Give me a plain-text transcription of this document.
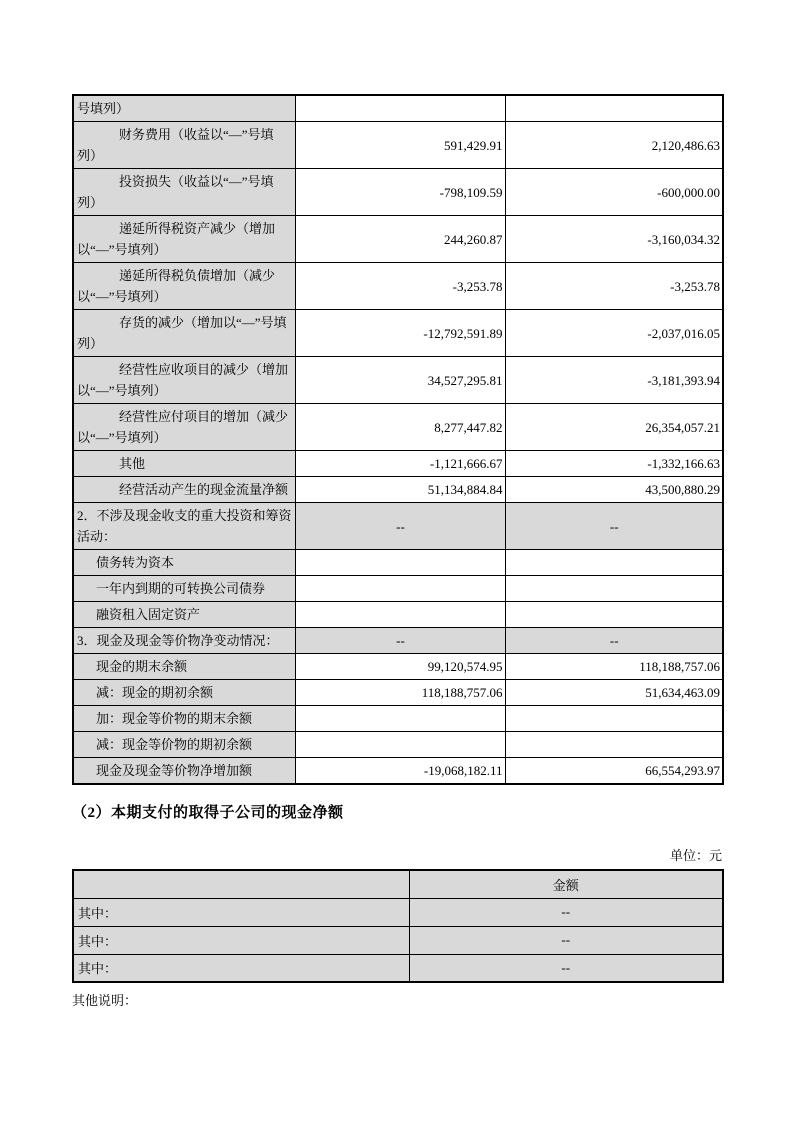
号填列）		
财务费用（收益以“—”号填列）	591,429.91	2,120,486.63
投资损失（收益以“—”号填列）	-798,109.59	-600,000.00
递延所得税资产减少（增加以“—”号填列）	244,260.87	-3,160,034.32
递延所得税负债增加（减少以“—”号填列）	-3,253.78	-3,253.78
存货的减少（增加以“—”号填列）	-12,792,591.89	-2,037,016.05
经营性应收项目的减少（增加以“—”号填列）	34,527,295.81	-3,181,393.94
经营性应付项目的增加（减少以“—”号填列）	8,277,447.82	26,354,057.21
其他	-1,121,666.67	-1,332,166.63
经营活动产生的现金流量净额	51,134,884.84	43,500,880.29
2．不涉及现金收支的重大投资和筹资活动：	--	--
债务转为资本		
一年内到期的可转换公司债券		
融资租入固定资产		
3．现金及现金等价物净变动情况：	--	--
现金的期末余额	99,120,574.95	118,188,757.06
减：现金的期初余额	118,188,757.06	51,634,463.09
加：现金等价物的期末余额		
减：现金等价物的期初余额		
现金及现金等价物净增加额	-19,068,182.11	66,554,293.97
（2）本期支付的取得子公司的现金净额
单位：元
	金额
其中：	--
其中：	--
其中：	--
其他说明：
